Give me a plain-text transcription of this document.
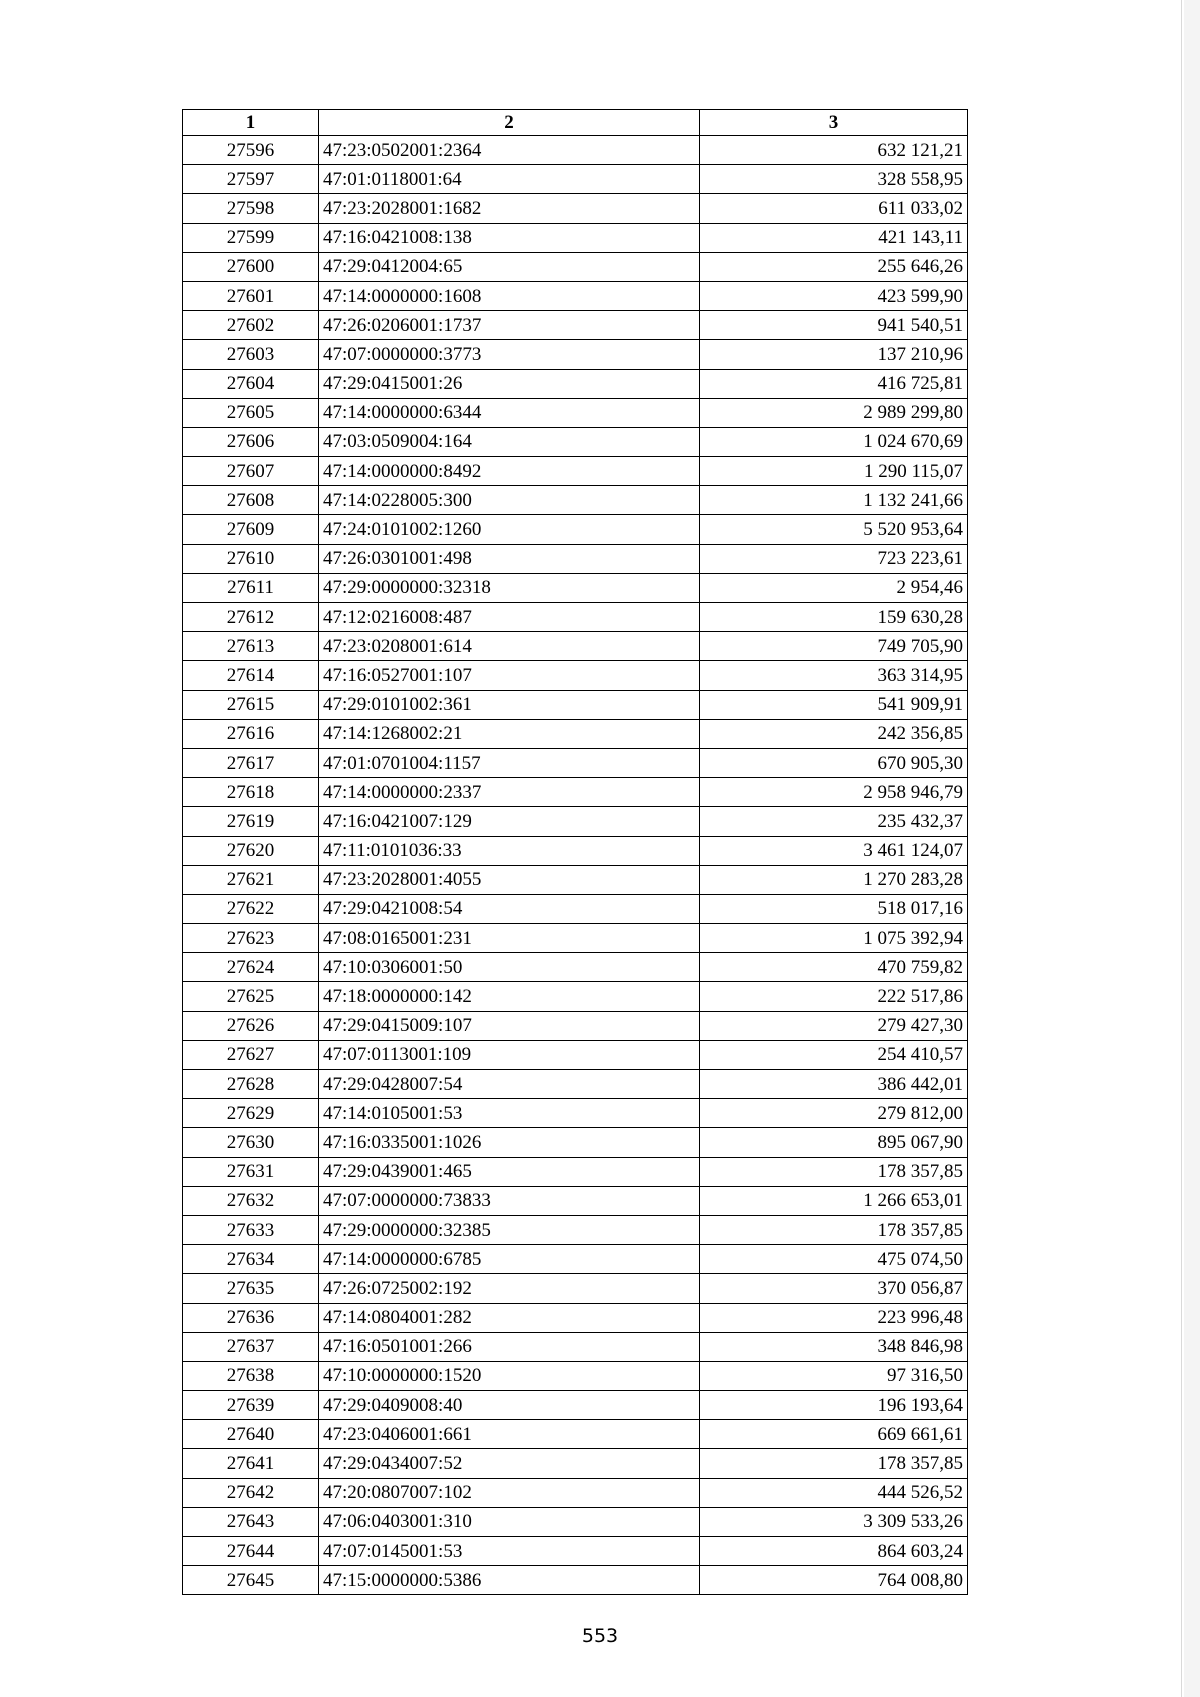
1	2	3
27596	47:23:0502001:2364	632 121,21
27597	47:01:0118001:64	328 558,95
27598	47:23:2028001:1682	611 033,02
27599	47:16:0421008:138	421 143,11
27600	47:29:0412004:65	255 646,26
27601	47:14:0000000:1608	423 599,90
27602	47:26:0206001:1737	941 540,51
27603	47:07:0000000:3773	137 210,96
27604	47:29:0415001:26	416 725,81
27605	47:14:0000000:6344	2 989 299,80
27606	47:03:0509004:164	1 024 670,69
27607	47:14:0000000:8492	1 290 115,07
27608	47:14:0228005:300	1 132 241,66
27609	47:24:0101002:1260	5 520 953,64
27610	47:26:0301001:498	723 223,61
27611	47:29:0000000:32318	2 954,46
27612	47:12:0216008:487	159 630,28
27613	47:23:0208001:614	749 705,90
27614	47:16:0527001:107	363 314,95
27615	47:29:0101002:361	541 909,91
27616	47:14:1268002:21	242 356,85
27617	47:01:0701004:1157	670 905,30
27618	47:14:0000000:2337	2 958 946,79
27619	47:16:0421007:129	235 432,37
27620	47:11:0101036:33	3 461 124,07
27621	47:23:2028001:4055	1 270 283,28
27622	47:29:0421008:54	518 017,16
27623	47:08:0165001:231	1 075 392,94
27624	47:10:0306001:50	470 759,82
27625	47:18:0000000:142	222 517,86
27626	47:29:0415009:107	279 427,30
27627	47:07:0113001:109	254 410,57
27628	47:29:0428007:54	386 442,01
27629	47:14:0105001:53	279 812,00
27630	47:16:0335001:1026	895 067,90
27631	47:29:0439001:465	178 357,85
27632	47:07:0000000:73833	1 266 653,01
27633	47:29:0000000:32385	178 357,85
27634	47:14:0000000:6785	475 074,50
27635	47:26:0725002:192	370 056,87
27636	47:14:0804001:282	223 996,48
27637	47:16:0501001:266	348 846,98
27638	47:10:0000000:1520	97 316,50
27639	47:29:0409008:40	196 193,64
27640	47:23:0406001:661	669 661,61
27641	47:29:0434007:52	178 357,85
27642	47:20:0807007:102	444 526,52
27643	47:06:0403001:310	3 309 533,26
27644	47:07:0145001:53	864 603,24
27645	47:15:0000000:5386	764 008,80
553
